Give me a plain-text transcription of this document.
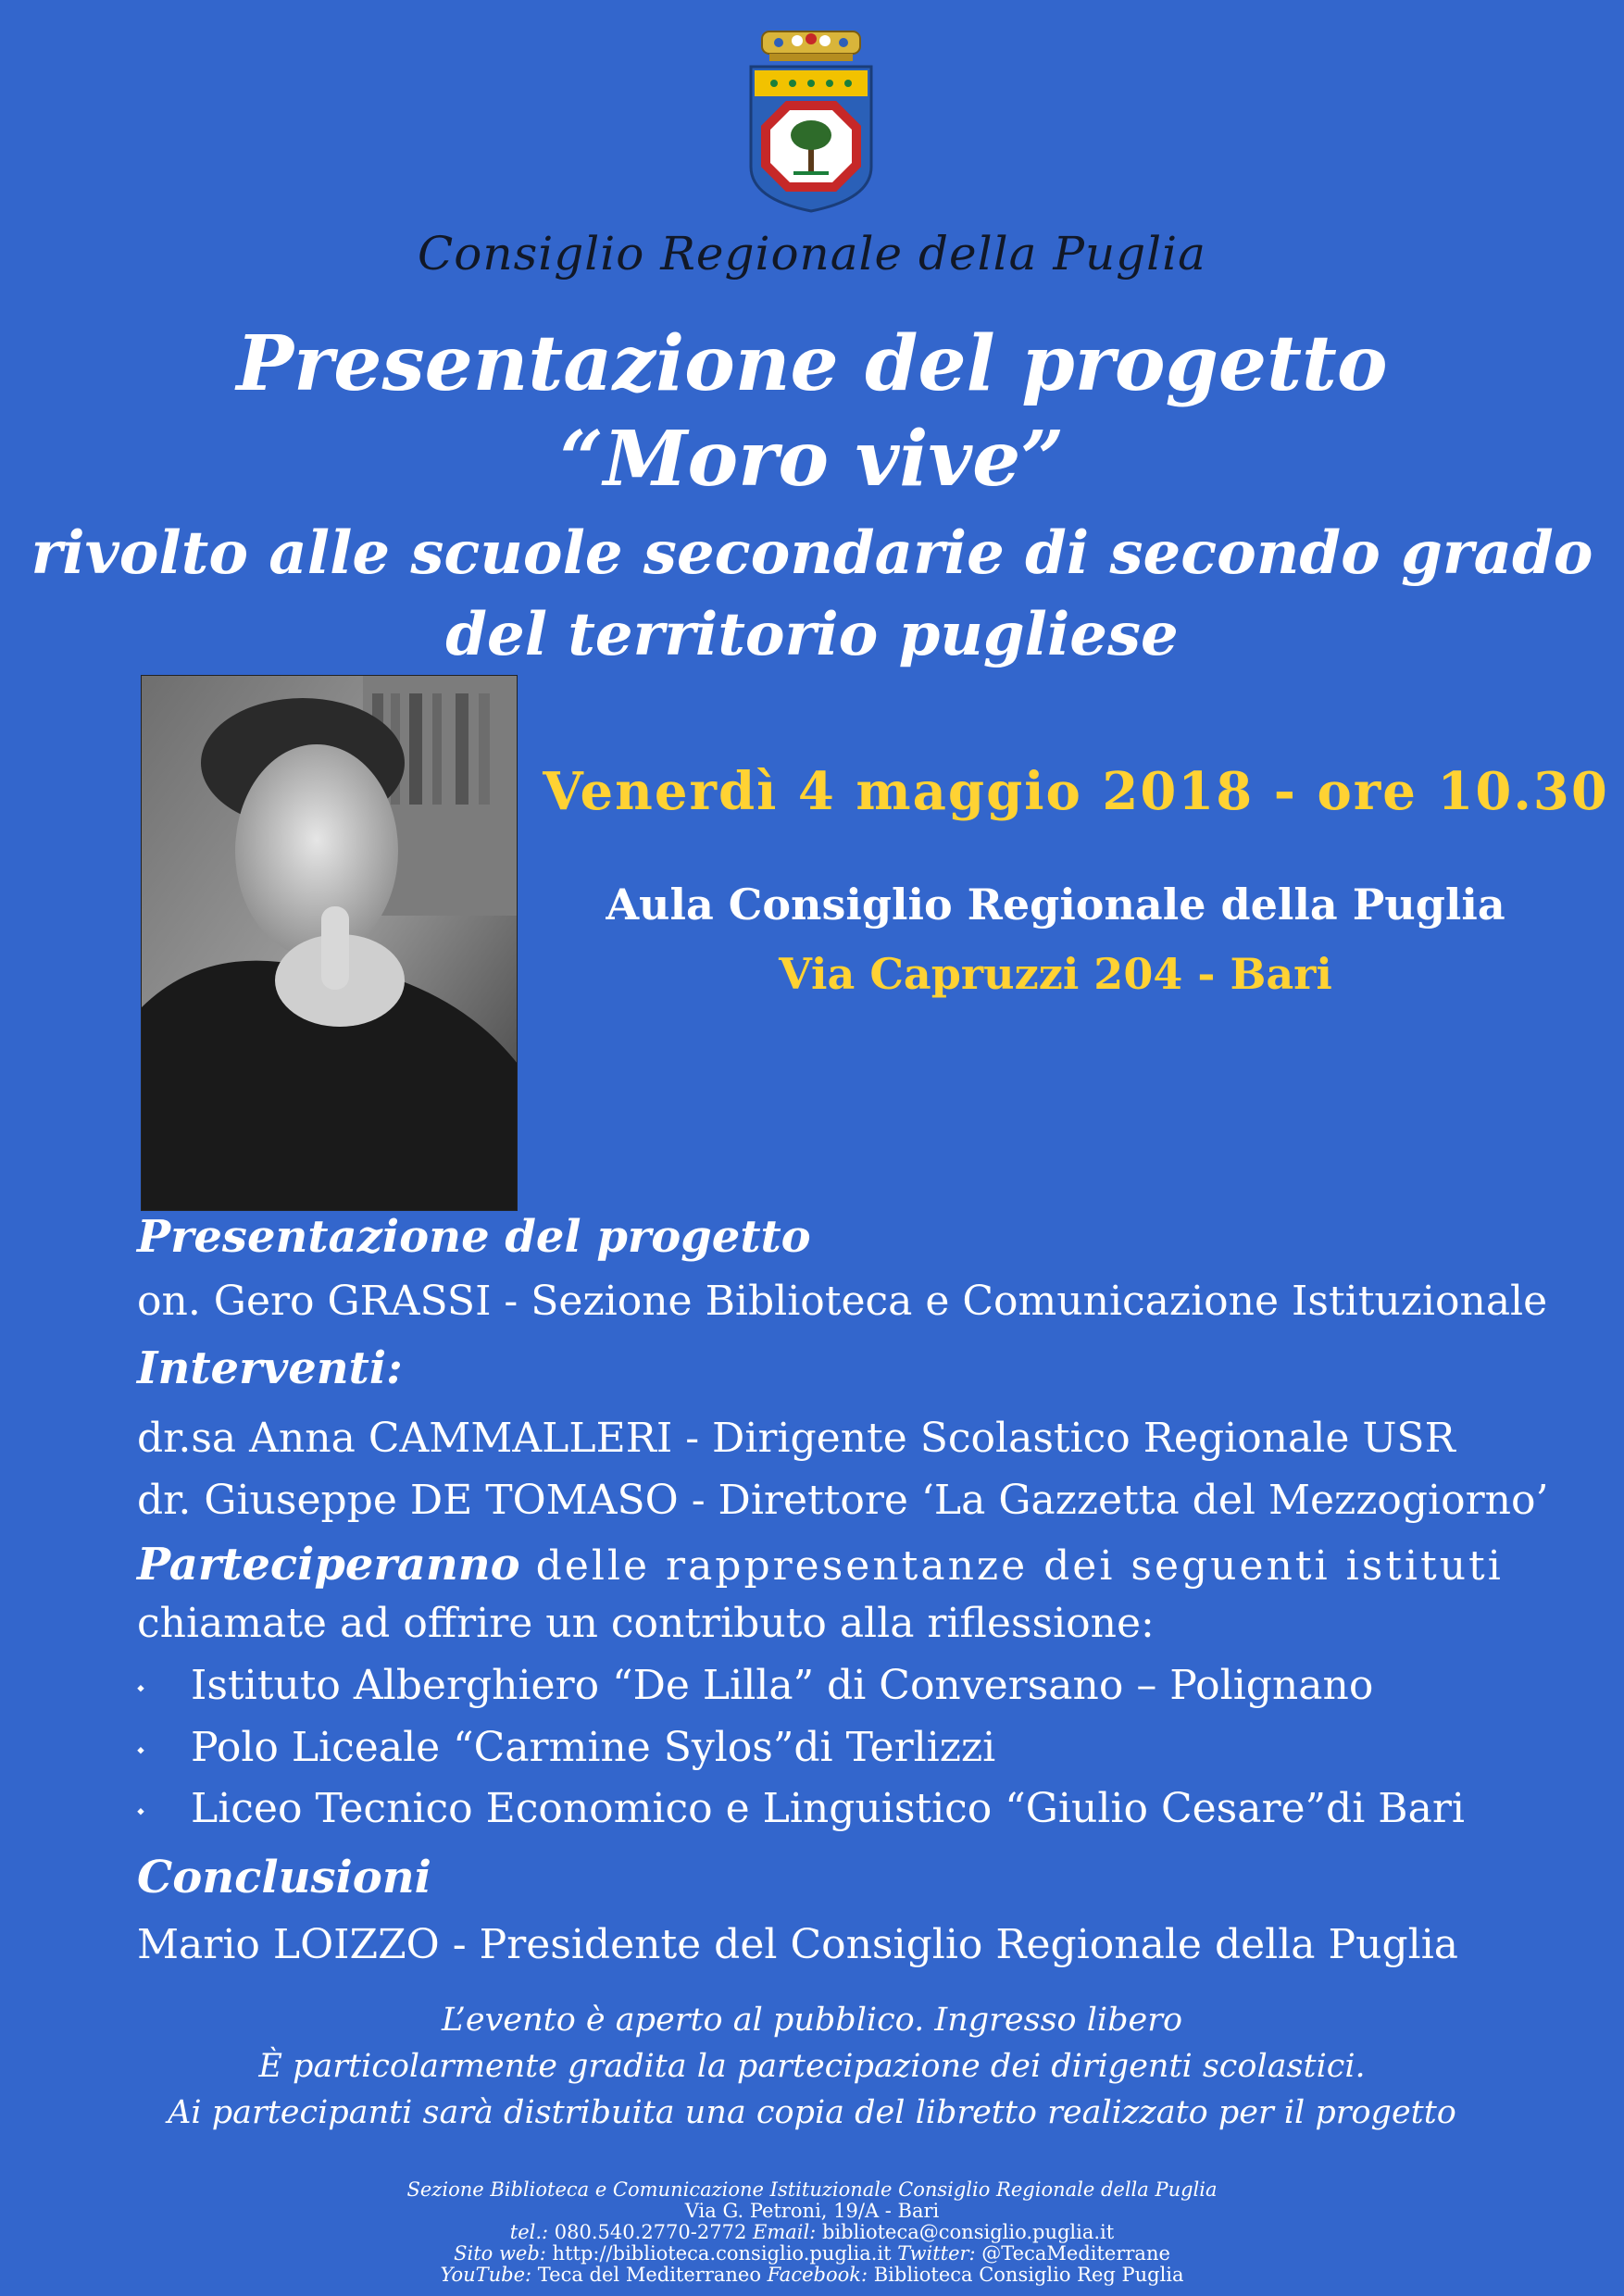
Consiglio Regionale della Puglia
Presentazione del progetto
“Moro vive”
rivolto alle scuole secondarie di secondo grado
del territorio pugliese
Venerdì 4 maggio 2018 - ore 10.30
Aula Consiglio Regionale della Puglia
Via Capruzzi 204 - Bari
Presentazione del progetto
on. Gero GRASSI - Sezione Biblioteca e Comunicazione Istituzionale
Interventi:
dr.sa Anna CAMMALLERI - Dirigente Scolastico Regionale USR
dr. Giuseppe DE TOMASO - Direttore ‘La Gazzetta del Mezzogiorno’
Parteciperanno delle rappresentanze dei seguenti istituti
chiamate ad offrire un contributo alla riflessione:
⬩ Istituto Alberghiero “De Lilla” di Conversano – Polignano
⬩ Polo Liceale “Carmine Sylos”di Terlizzi
⬩ Liceo Tecnico Economico e Linguistico “Giulio Cesare”di Bari
Conclusioni
Mario LOIZZO - Presidente del Consiglio Regionale della Puglia
L’evento è aperto al pubblico. Ingresso libero
È particolarmente gradita la partecipazione dei dirigenti scolastici.
Ai partecipanti sarà distribuita una copia del libretto realizzato per il progetto
Sezione Biblioteca e Comunicazione Istituzionale Consiglio Regionale della Puglia
Via G. Petroni, 19/A - Bari
tel.: 080.540.2770-2772 Email: biblioteca@consiglio.puglia.it
Sito web: http://biblioteca.consiglio.puglia.it Twitter: @TecaMediterrane
YouTube: Teca del Mediterraneo Facebook: Biblioteca Consiglio Reg Puglia
